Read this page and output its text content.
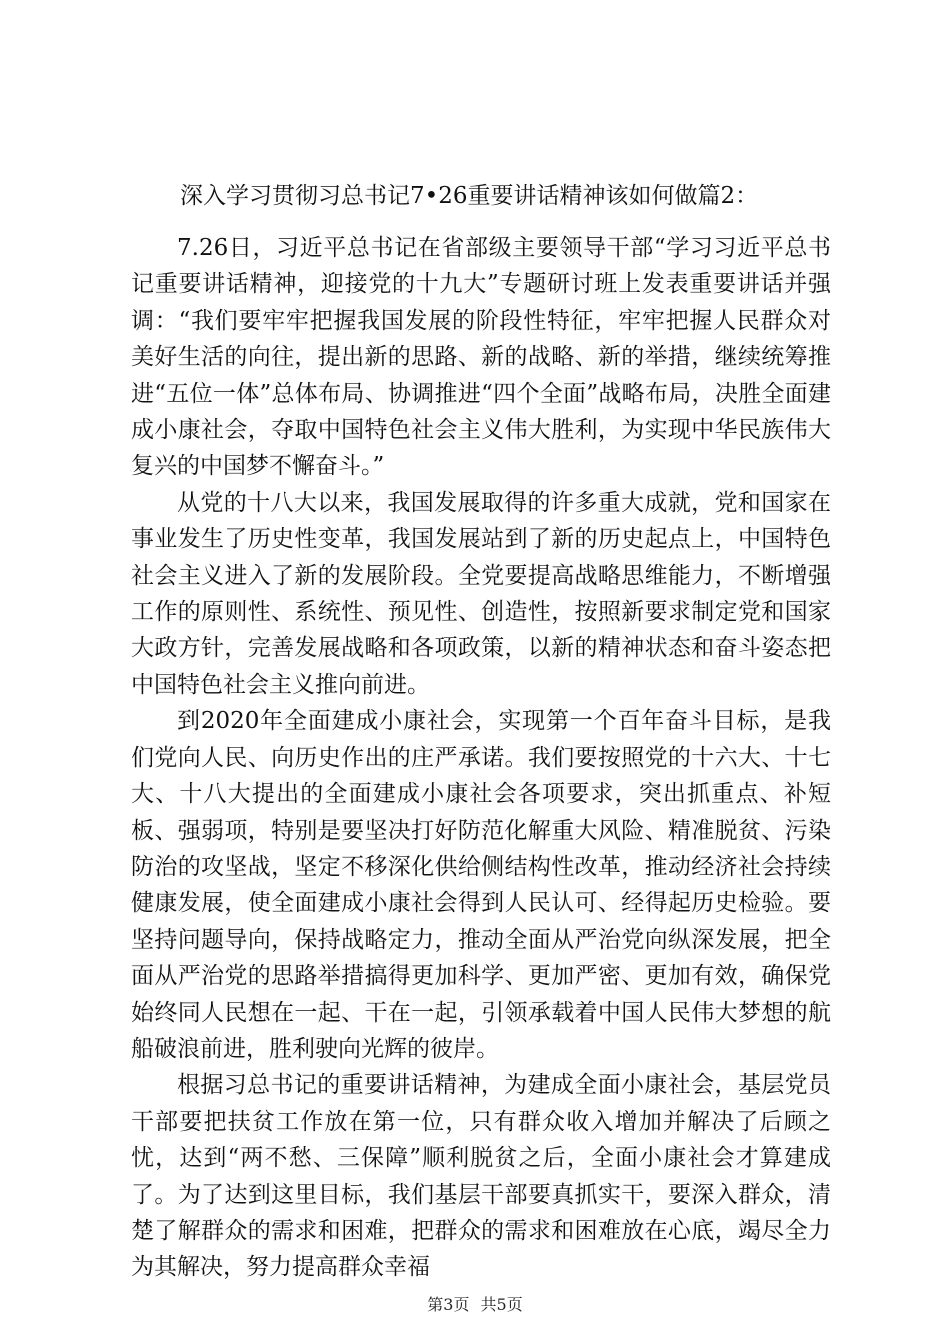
深入学习贯彻习总书记7•26重要讲话精神该如何做篇2：

7.26日，习近平总书记在省部级主要领导干部“学习习近平总书记重要讲话精神，迎接党的十九大”专题研讨班上发表重要讲话并强调：“我们要牢牢把握我国发展的阶段性特征，牢牢把握人民群众对美好生活的向往，提出新的思路、新的战略、新的举措，继续统筹推进“五位一体”总体布局、协调推进“四个全面”战略布局，决胜全面建成小康社会，夺取中国特色社会主义伟大胜利，为实现中华民族伟大复兴的中国梦不懈奋斗。”

从党的十八大以来，我国发展取得的许多重大成就，党和国家在事业发生了历史性变革，我国发展站到了新的历史起点上，中国特色社会主义进入了新的发展阶段。全党要提高战略思维能力，不断增强工作的原则性、系统性、预见性、创造性，按照新要求制定党和国家大政方针，完善发展战略和各项政策，以新的精神状态和奋斗姿态把中国特色社会主义推向前进。

到2020年全面建成小康社会，实现第一个百年奋斗目标，是我们党向人民、向历史作出的庄严承诺。我们要按照党的十六大、十七大、十八大提出的全面建成小康社会各项要求，突出抓重点、补短板、强弱项，特别是要坚决打好防范化解重大风险、精准脱贫、污染防治的攻坚战，坚定不移深化供给侧结构性改革，推动经济社会持续健康发展，使全面建成小康社会得到人民认可、经得起历史检验。要坚持问题导向，保持战略定力，推动全面从严治党向纵深发展，把全面从严治党的思路举措搞得更加科学、更加严密、更加有效，确保党始终同人民想在一起、干在一起，引领承载着中国人民伟大梦想的航船破浪前进，胜利驶向光辉的彼岸。

根据习总书记的重要讲话精神，为建成全面小康社会，基层党员干部要把扶贫工作放在第一位，只有群众收入增加并解决了后顾之忧，达到“两不愁、三保障”顺利脱贫之后，全面小康社会才算建成了。为了达到这里目标，我们基层干部要真抓实干，要深入群众，清楚了解群众的需求和困难，把群众的需求和困难放在心底，竭尽全力为其解决，努力提高群众幸福

第3页 共5页
